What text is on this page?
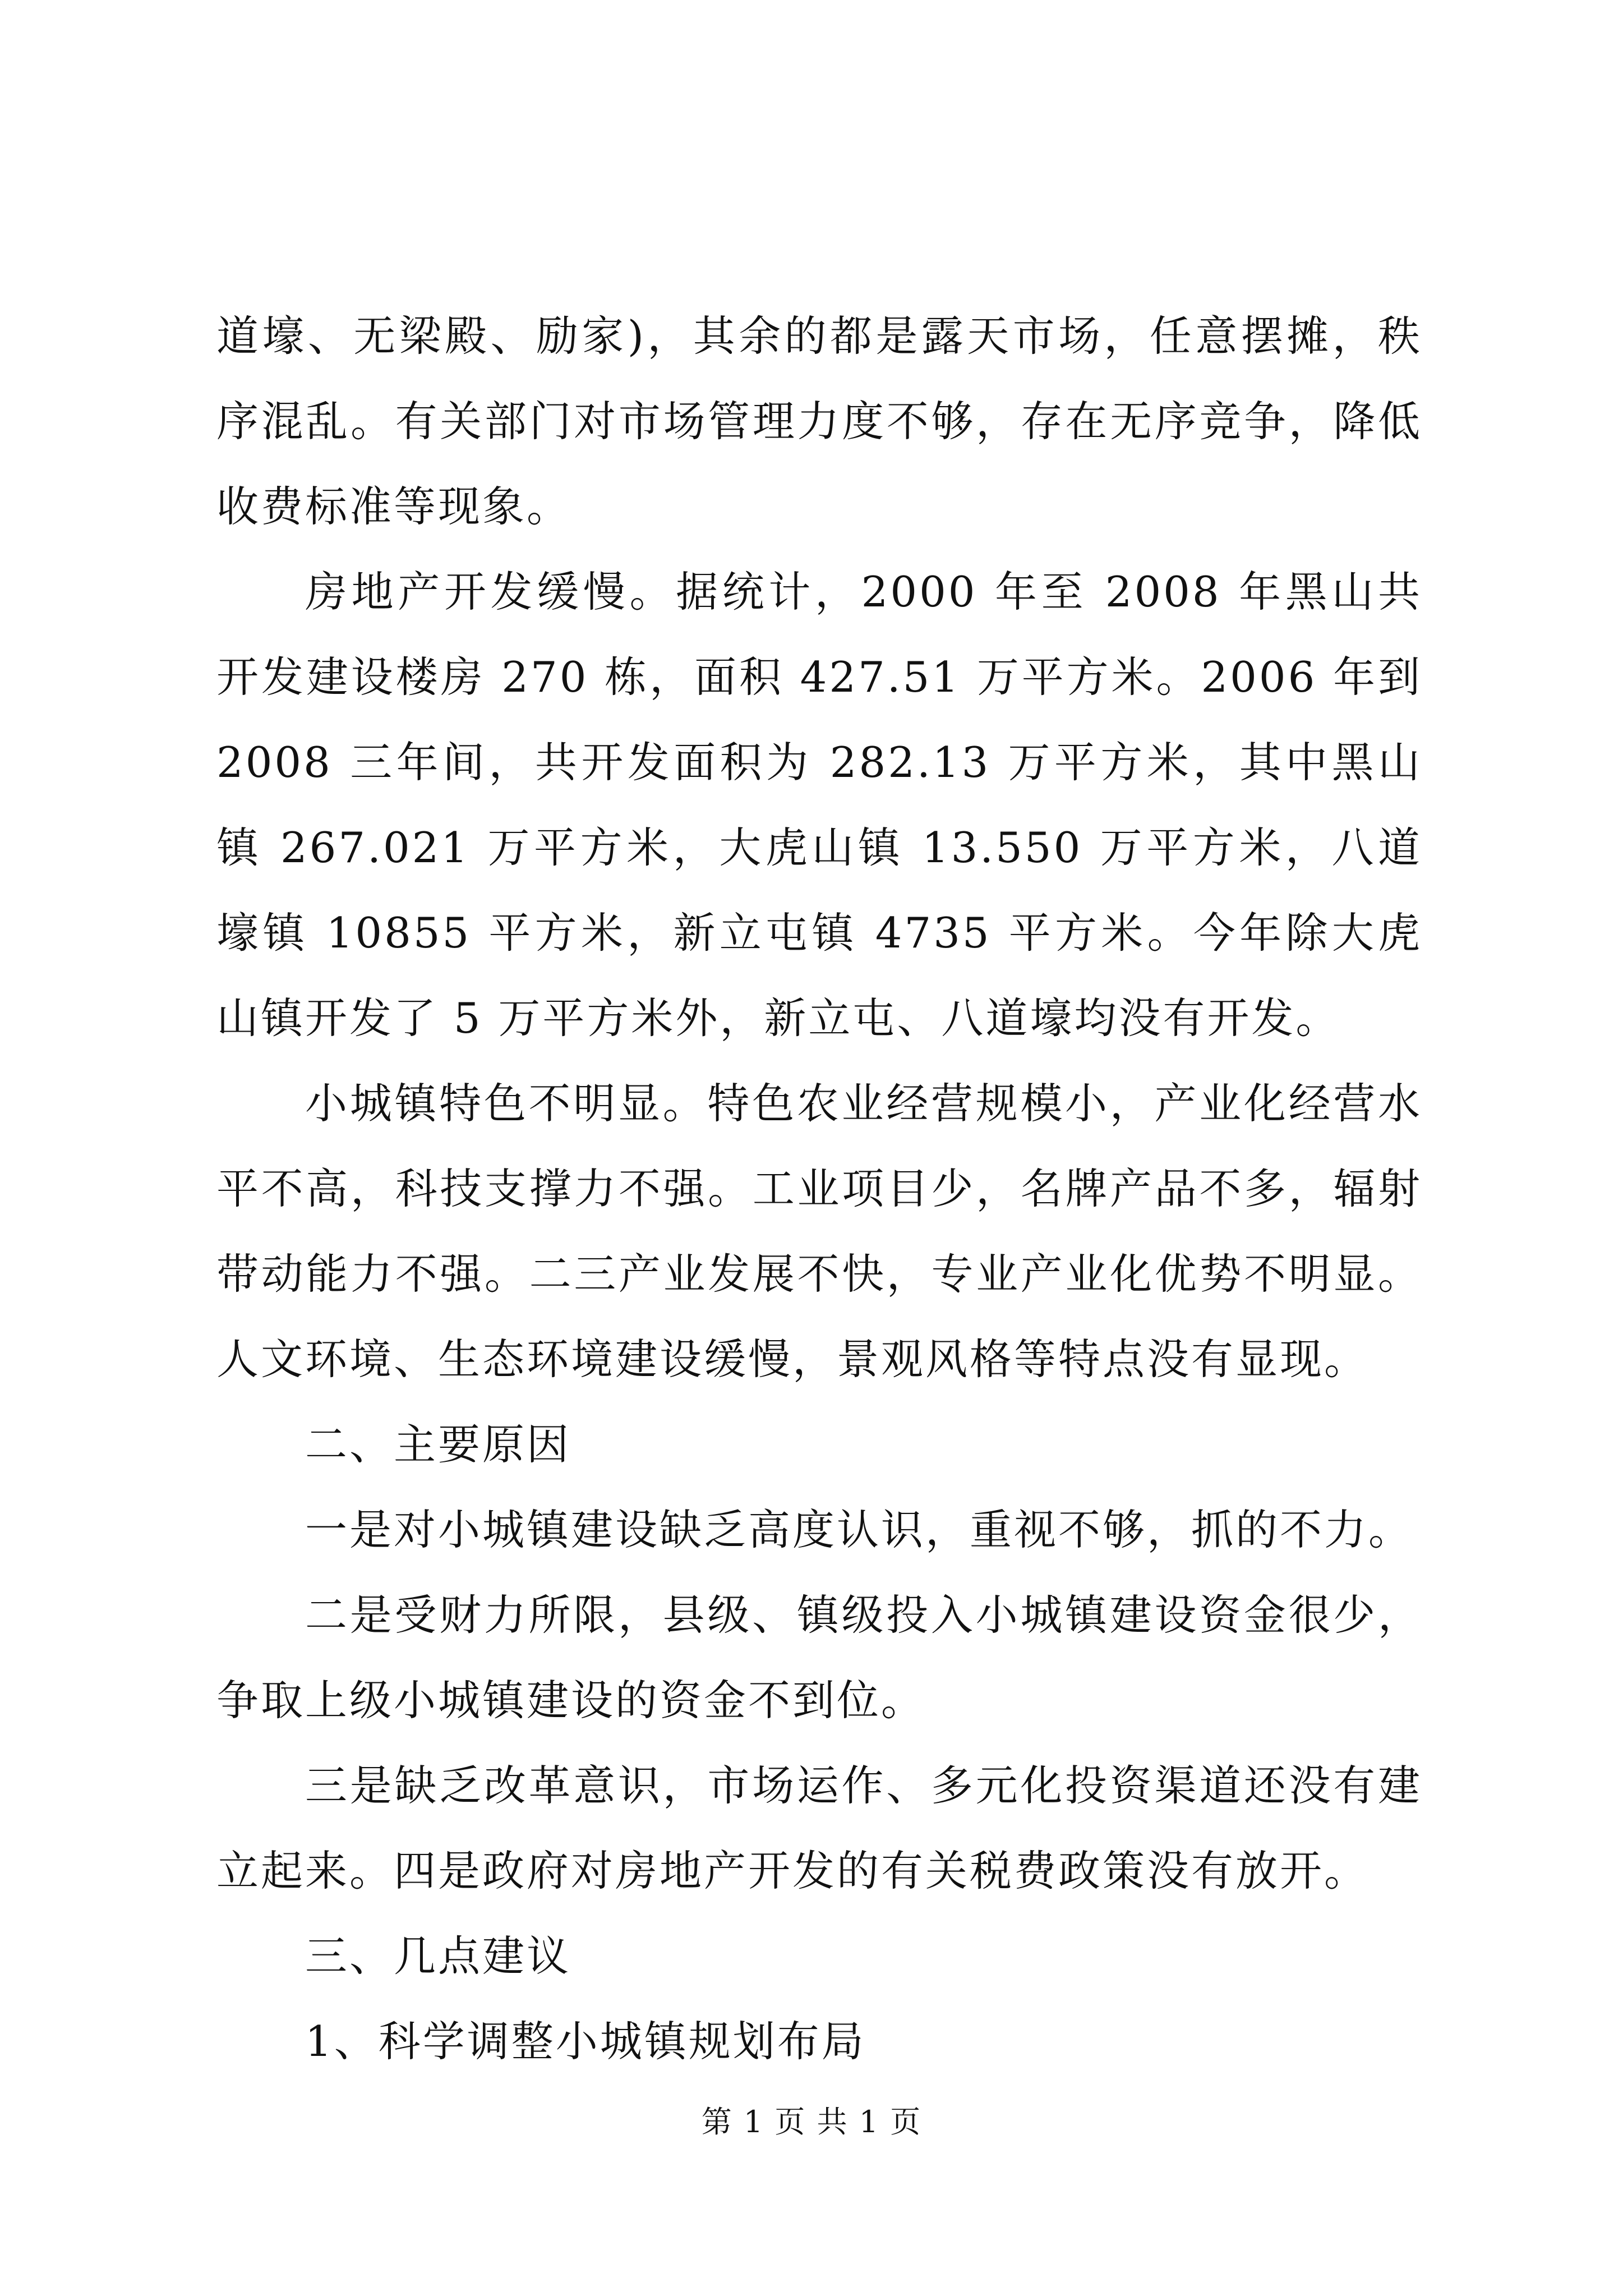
道壕、无梁殿、励家)，其余的都是露天市场，任意摆摊，秩序混乱。有关部门对市场管理力度不够，存在无序竞争，降低收费标准等现象。

房地产开发缓慢。据统计，2000 年至 2008 年黑山共开发建设楼房 270 栋，面积 427.51 万平方米。2006 年到 2008 三年间，共开发面积为 282.13 万平方米，其中黑山镇 267.021 万平方米，大虎山镇 13.550 万平方米，八道壕镇 10855 平方米，新立屯镇 4735 平方米。今年除大虎山镇开发了 5 万平方米外，新立屯、八道壕均没有开发。

小城镇特色不明显。特色农业经营规模小，产业化经营水平不高，科技支撑力不强。工业项目少，名牌产品不多，辐射带动能力不强。二三产业发展不快，专业产业化优势不明显。人文环境、生态环境建设缓慢，景观风格等特点没有显现。

二、主要原因

一是对小城镇建设缺乏高度认识，重视不够，抓的不力。

二是受财力所限，县级、镇级投入小城镇建设资金很少，争取上级小城镇建设的资金不到位。

三是缺乏改革意识，市场运作、多元化投资渠道还没有建立起来。四是政府对房地产开发的有关税费政策没有放开。

三、几点建议

1、科学调整小城镇规划布局

第 1 页 共 1 页
